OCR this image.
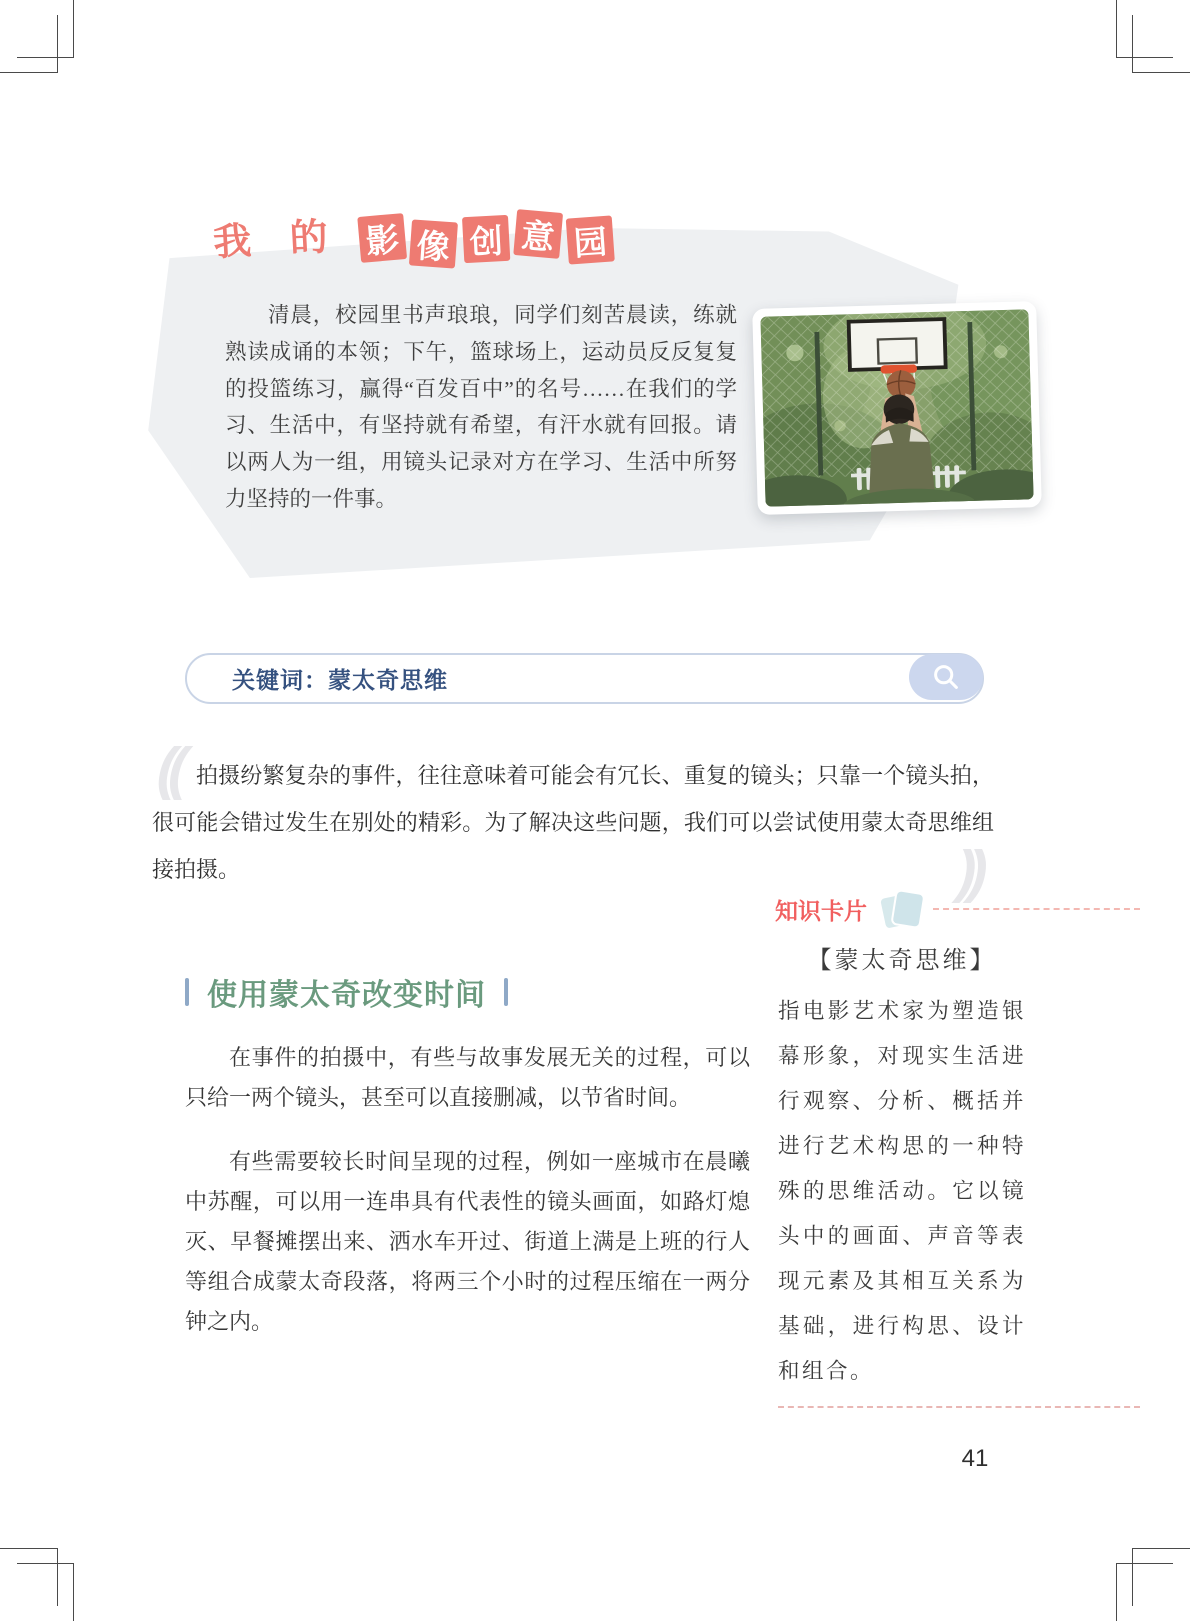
我 的 影 像 创 意 园
清晨，校园里书声琅琅，同学们刻苦晨读，练就熟读成诵的本领；下午，篮球场上，运动员反反复复的投篮练习，赢得“百发百中”的名号……在我们的学习、生活中，有坚持就有希望，有汗水就有回报。请以两人为一组，用镜头记录对方在学习、生活中所努力坚持的一件事。
关键词：蒙太奇思维
(( 拍摄纷繁复杂的事件，往往意味着可能会有冗长、重复的镜头；只靠一个镜头拍，很可能会错过发生在别处的精彩。为了解决这些问题，我们可以尝试使用蒙太奇思维组接拍摄。	))
知识卡片
【蒙太奇思维】
指电影艺术家为塑造银幕形象，对现实生活进行观察、分析、概括并进行艺术构思的一种特殊的思维活动。它以镜头中的画面、声音等表现元素及其相互关系为基础，进行构思、设计和组合。
使用蒙太奇改变时间

在事件的拍摄中，有些与故事发展无关的过程，可以只给一两个镜头，甚至可以直接删减，以节省时间。

有些需要较长时间呈现的过程，例如一座城市在晨曦中苏醒，可以用一连串具有代表性的镜头画面，如路灯熄灭、早餐摊摆出来、洒水车开过、街道上满是上班的行人等组合成蒙太奇段落，将两三个小时的过程压缩在一两分钟之内。

41
